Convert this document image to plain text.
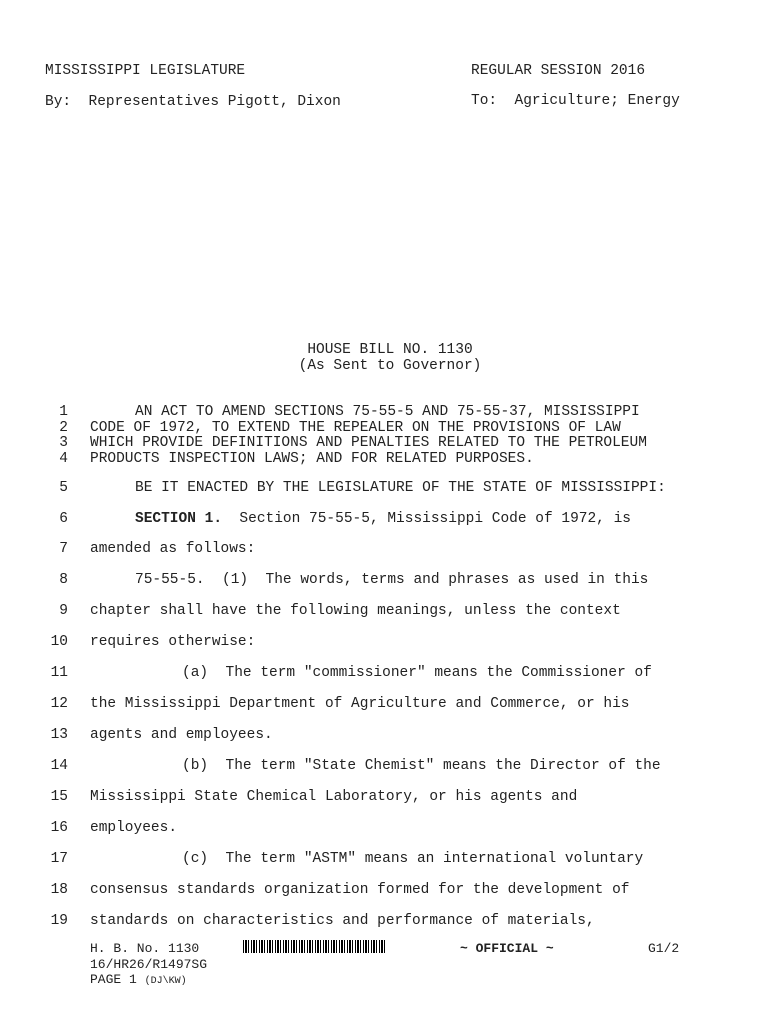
MISSISSIPPI LEGISLATURE	REGULAR SESSION 2016
By:  Representatives Pigott, Dixon	To:  Agriculture; Energy
HOUSE BILL NO. 1130
(As Sent to Governor)
1	AN ACT TO AMEND SECTIONS 75-55-5 AND 75-55-37, MISSISSIPPI
2 CODE OF 1972, TO EXTEND THE REPEALER ON THE PROVISIONS OF LAW
3 WHICH PROVIDE DEFINITIONS AND PENALTIES RELATED TO THE PETROLEUM
4 PRODUCTS INSPECTION LAWS; AND FOR RELATED PURPOSES.
5	BE IT ENACTED BY THE LEGISLATURE OF THE STATE OF MISSISSIPPI:
6	SECTION 1.  Section 75-55-5, Mississippi Code of 1972, is
7 amended as follows:
8	75-55-5.  (1)  The words, terms and phrases as used in this
9 chapter shall have the following meanings, unless the context
10 requires otherwise:
11	(a)  The term "commissioner" means the Commissioner of
12 the Mississippi Department of Agriculture and Commerce, or his
13 agents and employees.
14	(b)  The term "State Chemist" means the Director of the
15 Mississippi State Chemical Laboratory, or his agents and
16 employees.
17	(c)  The term "ASTM" means an international voluntary
18 consensus standards organization formed for the development of
19 standards on characteristics and performance of materials,
H. B. No. 1130	~ OFFICIAL ~	G1/2
16/HR26/R1497SG
PAGE 1 (DJ\KW)
